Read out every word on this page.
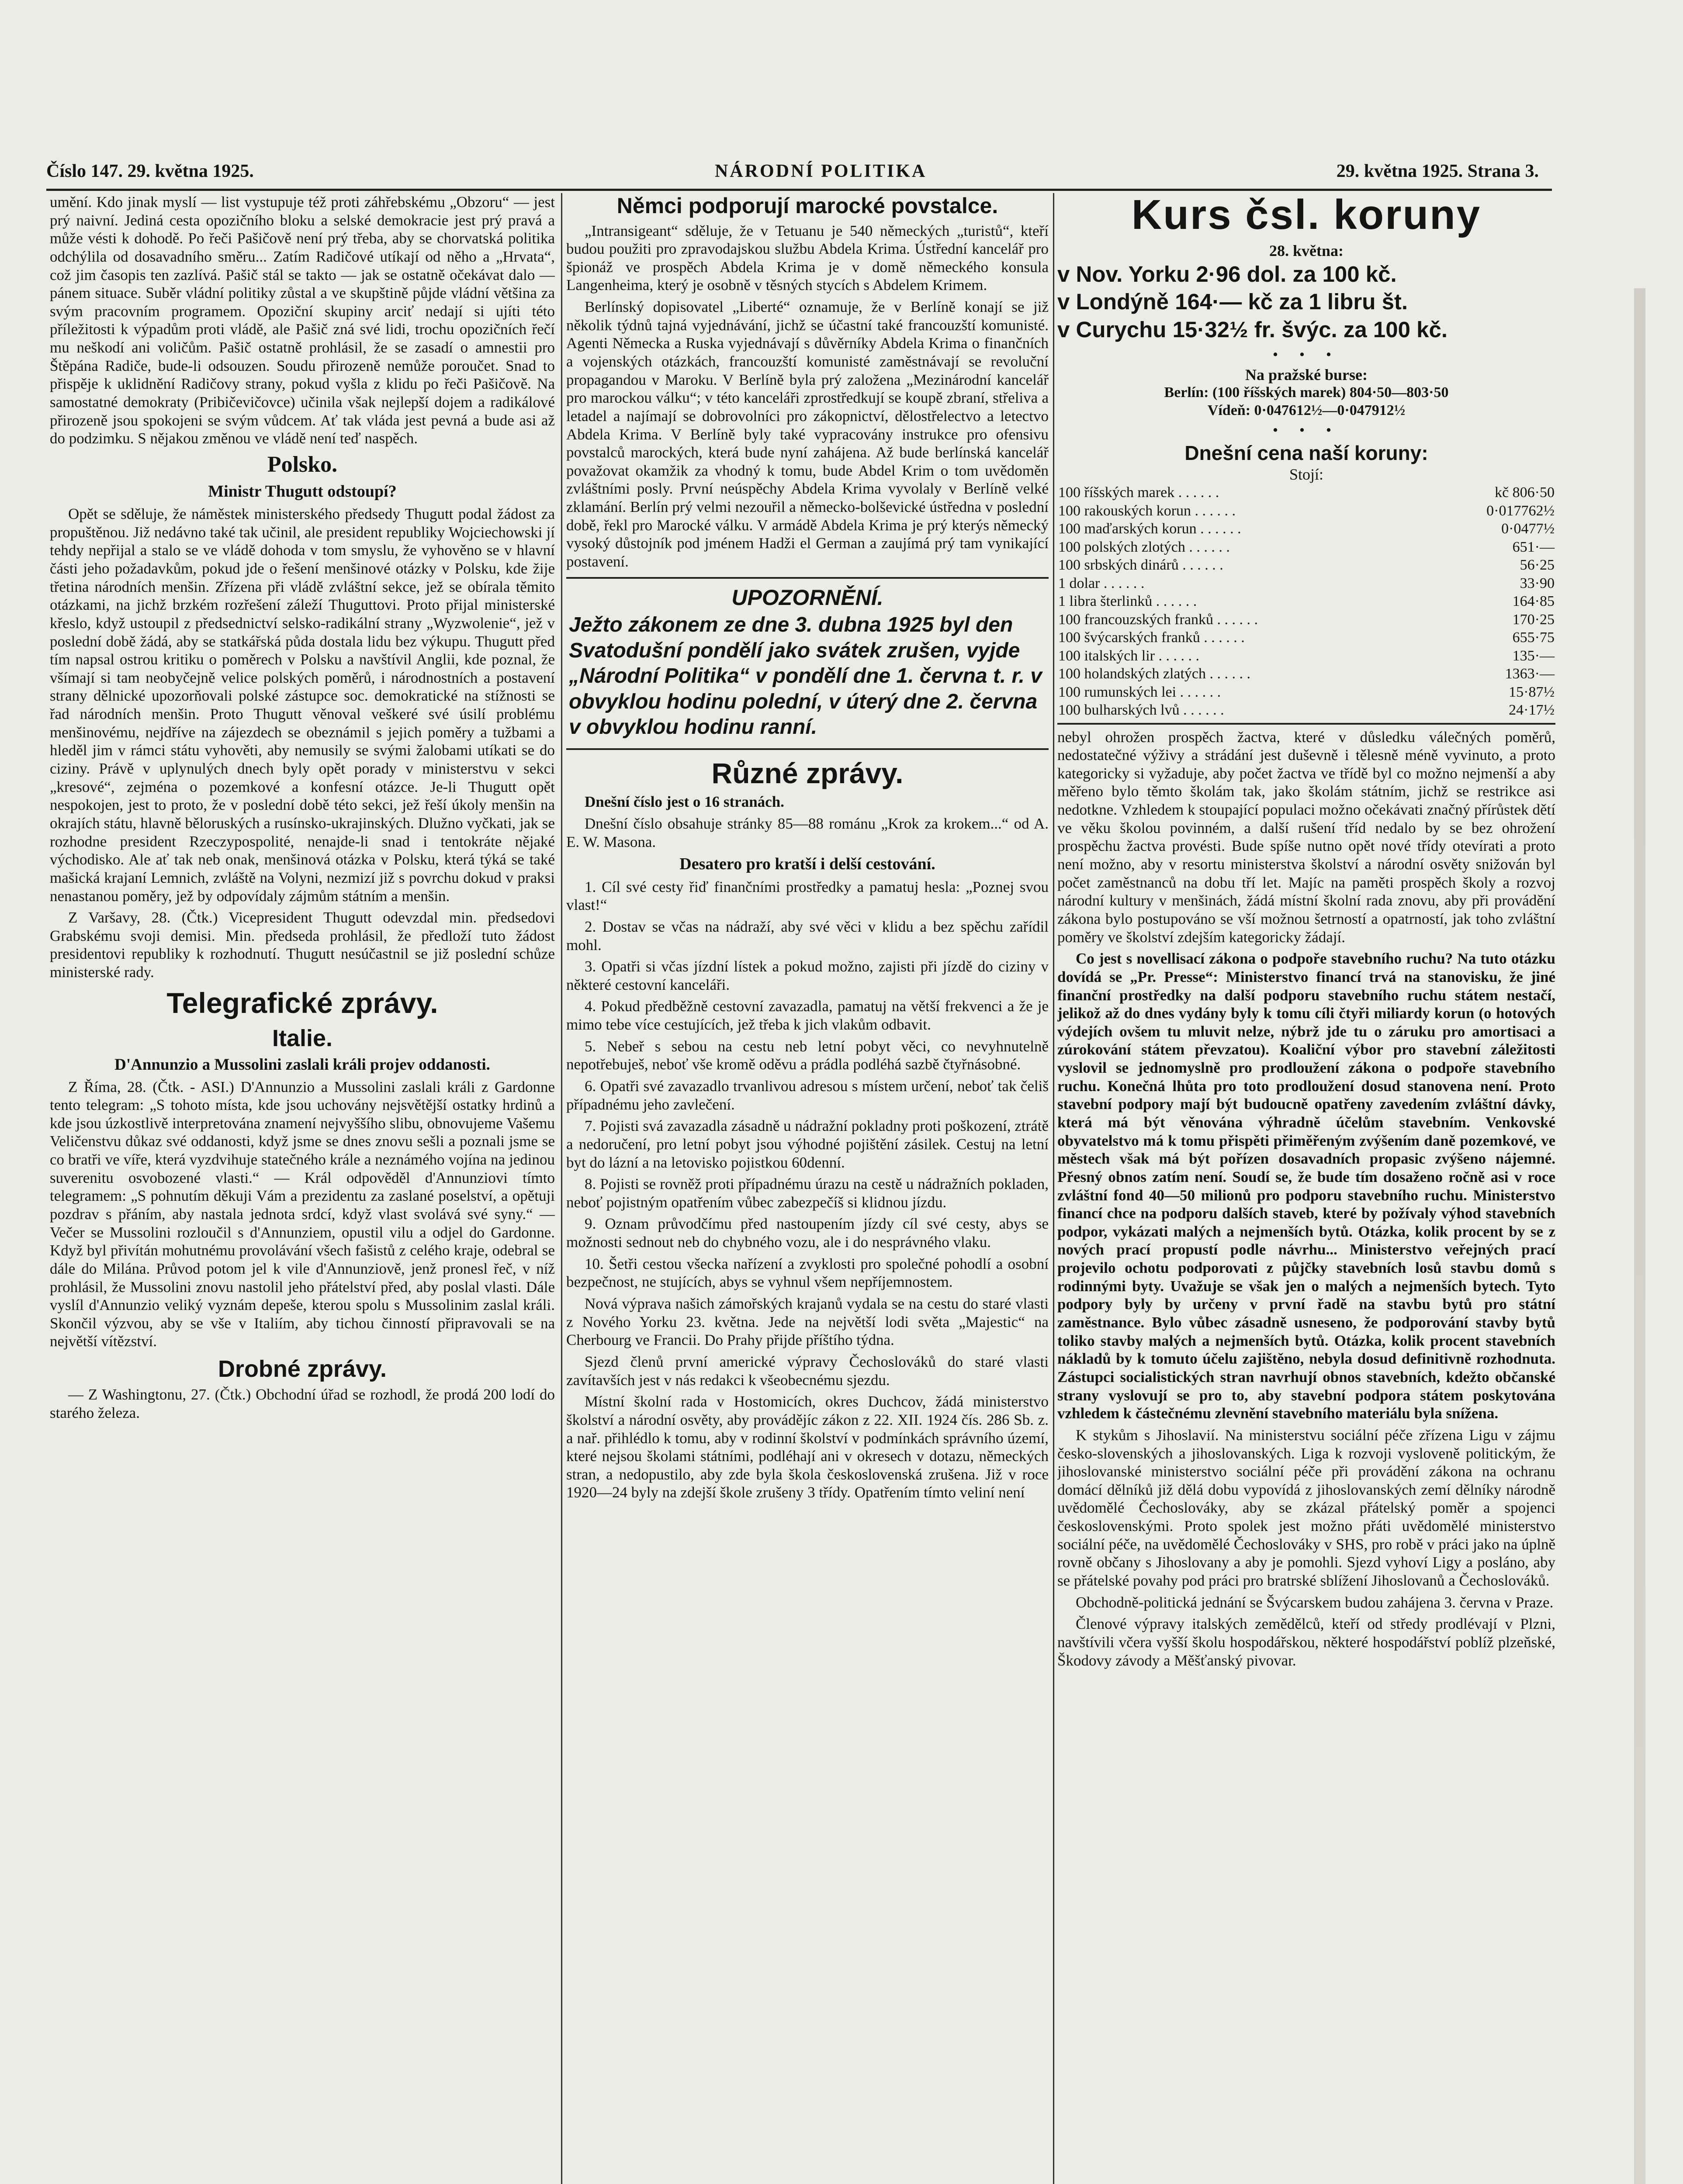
Číslo 147. 29. května 1925.	NÁRODNÍ POLITIKA	29. května 1925. Strana 3.

umění. Kdo jinak myslí — list vystupuje též proti záhřebskému „Obzoru“ — jest prý naivní. Jediná cesta opozičního bloku a selské demokracie jest prý pravá a může vésti k dohodě. Po řeči Pašičově není prý třeba, aby se chorvatská politika odchýlila od dosavadního směru... Zatím Radičové utíkají od něho a „Hrvata“, což jim časopis ten zazlívá. Pašič stál se takto — jak se ostatně očekávat dalo — pánem situace. Suběr vládní politiky zůstal a ve skupštině půjde vládní většina za svým pracovním programem. Opoziční skupiny arciť nedají si ujíti této příležitosti k výpadům proti vládě, ale Pašič zná své lidi, trochu opozičních řečí mu neškodí ani voličům. Pašič ostatně prohlásil, že se zasadí o amnestii pro Štěpána Radiče, bude-li odsouzen. Soudu přirozeně nemůže poroučet. Snad to přispěje k uklidnění Radičovy strany, pokud vyšla z klidu po řeči Pašičově. Na samostatné demokraty (Pribičevičovce) učinila však nejlepší dojem a radikálové přirozeně jsou spokojeni se svým vůdcem. Ať tak vláda jest pevná a bude asi až do podzimku. S nějakou změnou ve vládě není teď naspěch.

Polsko.
Ministr Thugutt odstoupí?

Opět se sděluje, že náměstek ministerského předsedy Thugutt podal žádost za propuštěnou. Již nedávno také tak učinil, ale president republiky Wojciechowski jí tehdy nepřijal a stalo se ve vládě dohoda v tom smyslu, že vyhověno se v hlavní části jeho požadavkům, pokud jde o řešení menšinové otázky v Polsku, kde žije třetina národních menšin. Zřízena při vládě zvláštní sekce, jež se obírala těmito otázkami, na jichž brzkém rozřešení záleží Thuguttovi. Proto přijal ministerské křeslo, když ustoupil z předsednictví selsko-radikální strany „Wyzwolenie“, jež v poslední době žádá, aby se statkářská půda dostala lidu bez výkupu. Thugutt před tím napsal ostrou kritiku o poměrech v Polsku a navštívil Anglii, kde poznal, že všímají si tam neobyčejně velice polských poměrů, i národnostních a postavení strany dělnické upozorňovali polské zástupce soc. demokratické na stížnosti se řad národních menšin. Proto Thugutt věnoval veškeré své úsilí problému menšinovému, nejdříve na zájezdech se obeznámil s jejich poměry a tužbami a hleděl jim v rámci státu vyhověti, aby nemusily se svými žalobami utíkati se do ciziny. Právě v uplynulých dnech byly opět porady v ministerstvu v sekci „kresové“, zejména o pozemkové a konfesní otázce. Je-li Thugutt opět nespokojen, jest to proto, že v poslední době této sekci, jež řeší úkoly menšin na okrajích státu, hlavně běloruských a rusínsko-ukrajinských. Dlužno vyčkati, jak se rozhodne president Rzeczypospolité, nenajde-li snad i tentokráte nějaké východisko. Ale ať tak neb onak, menšinová otázka v Polsku, která týká se také mašická krajaní Lemnich, zvláště na Volyni, nezmizí již s povrchu dokud v praksi nenastanou poměry, jež by odpovídaly zájmům státním a menšin.

Z Varšavy, 28. (Čtk.) Vicepresident Thugutt odevzdal min. předsedovi Grabskému svoji demisi. Min. předseda prohlásil, že předloží tuto žádost presidentovi republiky k rozhodnutí. Thugutt nesúčastnil se již poslední schůze ministerské rady.

Telegrafické zprávy.
Italie.
D'Annunzio a Mussolini zaslali králi projev oddanosti.

Z Říma, 28. (Čtk. - ASI.) D'Annunzio a Mussolini zaslali králi z Gardonne tento telegram: „S tohoto místa, kde jsou uchovány nejsvětější ostatky hrdinů a kde jsou úzkostlivě interpretována znamení nejvyššího slibu, obnovujeme Vašemu Veličenstvu důkaz své oddanosti, když jsme se dnes znovu sešli a poznali jsme se co bratři ve víře, která vyzdvihuje statečného krále a neznámého vojína na jedinou suverenitu osvobozené vlasti.“ — Král odpověděl d'Annunziovi tímto telegramem: „S pohnutím děkuji Vám a prezidentu za zaslané poselství, a opětuji pozdrav s přáním, aby nastala jednota srdcí, když vlast svolává své syny.“ — Večer se Mussolini rozloučil s d'Annunziem, opustil vilu a odjel do Gardonne. Když byl přivítán mohutnému provolávání všech fašistů z celého kraje, odebral se dále do Milána. Průvod potom jel k vile d'Annunziově, jenž pronesl řeč, v níž prohlásil, že Mussolini znovu nastolil jeho přátelství před, aby poslal vlasti. Dále vyslíl d'Annunzio veliký vyznám depeše, kterou spolu s Mussolinim zaslal králi. Skončil výzvou, aby se vše v Italiím, aby tichou činností připravovali se na největší vítězství.

Drobné zprávy.

— Z Washingtonu, 27. (Čtk.) Obchodní úřad se rozhodl, že prodá 200 lodí do starého železa.

Němci podporují marocké povstalce.

„Intransigeant“ sděluje, že v Tetuanu je 540 německých „turistů“, kteří budou použiti pro zpravodajskou službu Abdela Krima. Ústřední kancelář pro špionáž ve prospěch Abdela Krima je v domě německého konsula Langenheima, který je osobně v těsných stycích s Abdelem Krimem.

Berlínský dopisovatel „Liberté“ oznamuje, že v Berlíně konají se již několik týdnů tajná vyjednávání, jichž se účastní také francouzští komunisté. Agenti Německa a Ruska vyjednávají s důvěrníky Abdela Krima o finančních a vojenských otázkách, francouzští komunisté zaměstnávají se revoluční propagandou v Maroku. V Berlíně byla prý založena „Mezinárodní kancelář pro marockou válku“; v této kanceláři zprostředkují se koupě zbraní, střeliva a letadel a najímají se dobrovolníci pro zákopnictví, dělostřelectvo a letectvo Abdela Krima. V Berlíně byly také vypracovány instrukce pro ofensivu povstalců marockých, která bude nyní zahájena. Až bude berlínská kancelář považovat okamžik za vhodný k tomu, bude Abdel Krim o tom uvědoměn zvláštními posly. První neúspěchy Abdela Krima vyvolaly v Berlíně velké zklamání. Berlín prý velmi nezouřil a německo-bolševické ústředna v poslední době, řekl pro Marocké válku. V armádě Abdela Krima je prý kterýs německý vysoký důstojník pod jménem Hadži el German a zaujímá prý tam vynikající postavení.

UPOZORNĚNÍ.

Ježto zákonem ze dne 3. dubna 1925 byl den Svatodušní pondělí jako svátek zrušen, vyjde „Národní Politika“ v pondělí dne 1. června t. r. v obvyklou hodinu polední, v úterý dne 2. června v obvyklou hodinu ranní.

Různé zprávy.

Dnešní číslo jest o 16 stranách.

Dnešní číslo obsahuje stránky 85—88 románu „Krok za krokem...“ od A. E. W. Masona.

Desatero pro kratší i delší cestování.

1. Cíl své cesty řiď finančními prostředky a pamatuj hesla: „Pozneј svou vlast!“

2. Dostav se včas na nádraží, aby své věci v klidu a bez spěchu zařídil mohl.

3. Opatři si včas jízdní lístek a pokud možno, zajisti při jízdě do ciziny v některé cestovní kanceláři.

4. Pokud předběžně cestovní zavazadla, pamatuj na větší frekvenci a že je mimo tebe více cestujících, jež třeba k jich vlakům odbavit.

5. Nebeř s sebou na cestu neb letní pobyt věci, co nevyhnutelně nepotřebuješ, neboť vše kromě oděvu a prádla podléhá sazbě čtyřnásobné.

6. Opatři své zavazadlo trvanlivou adresou s místem určení, neboť tak čeliš případnému jeho zavlečení.

7. Pojisti svá zavazadla zásadně u nádražní pokladny proti poškození, ztrátě a nedoručení, pro letní pobyt jsou výhodné pojištění zásilek. Cestuj na letní byt do lázní a na letovisko pojistkou 60denní.

8. Pojisti se rovněž proti případnému úrazu na cestě u nádražních pokladen, neboť pojistným opatřením vůbec zabezpečíš si klidnou jízdu.

9. Oznam průvodčímu před nastoupením jízdy cíl své cesty, abys se možnosti sednout neb do chybného vozu, ale i do nesprávného vlaku.

10. Šetři cestou všecka nařízení a zvyklosti pro společné pohodlí a osobní bezpečnost, ne stujících, abys se vyhnul všem nepříjemnostem.

Nová výprava našich zámořských krajanů vydala se na cestu do staré vlasti z Nového Yorku 23. května. Jede na největší lodi světa „Majestic“ na Cherbourg ve Francii. Do Prahy přijde příštího týdna.

Sjezd členů první americké výpravy Čechoslováků do staré vlasti zavítavších jest v nás redakci k všeobecnému sjezdu.

Místní školní rada v Hostomicích, okres Duchcov, žádá ministerstvo školství a národní osvěty, aby provádějíc zákon z 22. XII. 1924 čís. 286 Sb. z. a nař. přihlédlo k tomu, aby v rodinní školství v podmínkách správního území, které nejsou školami státními, podléhají ani v okresech v dotazu, německých stran, a nedopustilo, aby zde byla škola československá zrušena. Již v roce 1920—24 byly na zdejší škole zrušeny 3 třídy. Opatřením tímto veliní není

Kurs čsl. koruny
28. května:

v Nov. Yorku 2·96 dol. za 100 kč.

v Londýně 164·— kč za 1 libru št.

v Curychu 15·32½ fr. švýc. za 100 kč.

• • •
Na pražské burse:
Berlín: (100 říšských marek) 804·50—803·50
Vídeň: 0·047612½—0·047912½
• • •
Dnešní cena naší koruny:
Stojí:
100 říšských marek . . . . . .	kč 806·50
100 rakouských korun . . . . . .	0·017762½
100 maďarských korun . . . . . .	0·0477½
100 polských zlotých . . . . . .	651·—
100 srbských dinárů . . . . . .	56·25
1 dolar . . . . . .	33·90
1 libra šterlinků . . . . . .	164·85
100 francouzských franků . . . . . .	170·25
100 švýcarských franků . . . . . .	655·75
100 italských lir . . . . . .	135·—
100 holandských zlatých . . . . . .	1363·—
100 rumunských lei . . . . . .	15·87½
100 bulharských lvů . . . . . .	24·17½

nebyl ohrožen prospěch žactva, které v důsledku válečných poměrů, nedostatečné výživy a strádání jest duševně i tělesně méně vyvinuto, a proto kategoricky si vyžaduje, aby počet žactva ve třídě byl co možno nejmenší a aby měřeno bylo těmto školám tak, jako školám státním, jichž se restrikce asi nedotkne. Vzhledem k stoupající populaci možno očekávati značný přírůstek dětí ve věku školou povinném, a další rušení tříd nedalo by se bez ohrožení prospěchu žactva provésti. Bude spíše nutno opět nové třídy otevírati a proto není možno, aby v resortu ministerstva školství a národní osvěty snižován byl počet zaměstnanců na dobu tří let. Majíc na paměti prospěch školy a rozvoj národní kultury v menšinách, žádá místní školní rada znovu, aby při provádění zákona bylo postupováno se vší možnou šetrností a opatrností, jak toho zvláštní poměry ve školství zdejším kategoricky žádají.

Co jest s novellisací zákona o podpoře stavebního ruchu? Na tuto otázku dovídá se „Pr. Presse“: Ministerstvo financí trvá na stanovisku, že jiné finanční prostředky na další podporu stavebního ruchu státem nestačí, jelikož až do dnes vydány byly k tomu cíli čtyři miliardy korun (o hotových výdejích ovšem tu mluvit nelze, nýbrž jde tu o záruku pro amortisaci a zúrokování státem převzatou). Koaliční výbor pro stavební záležitosti vyslovil se jednomyslně pro prodloužení zákona o podpoře stavebního ruchu. Konečná lhůta pro toto prodloužení dosud stanovena není. Proto stavební podpory mají být budoucně opatřeny zavedením zvláštní dávky, která má být věnována výhradně účelům stavebním. Venkovské obyvatelstvo má k tomu přispěti přiměřeným zvýšením daně pozemkové, ve městech však má být pořízen dosavadních propasic zvýšeno nájemné. Přesný obnos zatím není. Soudí se, že bude tím dosaženo ročně asi v roce zvláštní fond 40—50 milionů pro podporu stavebního ruchu. Ministerstvo financí chce na podporu dalších staveb, které by požívaly výhod stavebních podpor, vykázati malých a nejmenších bytů. Otázka, kolik procent by se z nových prací propustí podle návrhu... Ministerstvo veřejných prací projevilo ochotu podporovati z půjčky stavebních losů stavbu domů s rodinnými byty. Uvažuje se však jen o malých a nejmenších bytech. Tyto podpory byly by určeny v první řadě na stavbu bytů pro státní zaměstnance. Bylo vůbec zásadně usneseno, že podporování stavby bytů toliko stavby malých a nejmenších bytů. Otázka, kolik procent stavebních nákladů by k tomuto účelu zajištěno, nebyla dosud definitivně rozhodnuta. Zástupci socialistických stran navrhují obnos stavebních, kdežto občanské strany vyslovují se pro to, aby stavební podpora státem poskytována vzhledem k částečnému zlevnění stavebního materiálu byla snížena.

K stykům s Jihoslavií. Na ministerstvu sociální péče zřízena Ligu v zájmu česko-slovenských a jihoslovanských. Liga k rozvoji vysloveně politickým, že jihoslovanské ministerstvo sociální péče při provádění zákona na ochranu domácí dělníků již dělá dobu vypovídá z jihoslovanských zemí dělníky národně uvědomělé Čechoslováky, aby se zkázal přátelský poměr a spojenci československými. Proto spolek jest možno přáti uvědomělé ministerstvo sociální péče, na uvědomělé Čechoslováky v SHS, pro robě v práci jako na úplně rovně občany s Jihoslovany a aby je pomohli. Sjezd vyhoví Ligy a posláno, aby se přátelské povahy pod práci pro bratrské sblížení Jihoslovanů a Čechoslováků.

Obchodně-politická jednání se Švýcarskem budou zahájena 3. června v Praze.

Členové výpravy italských zemědělců, kteří od středy prodlévají v Plzni, navštívili včera vyšší školu hospodářskou, některé hospodářství poblíž plzeňské, Škodovy závody a Měšťanský pivovar.
